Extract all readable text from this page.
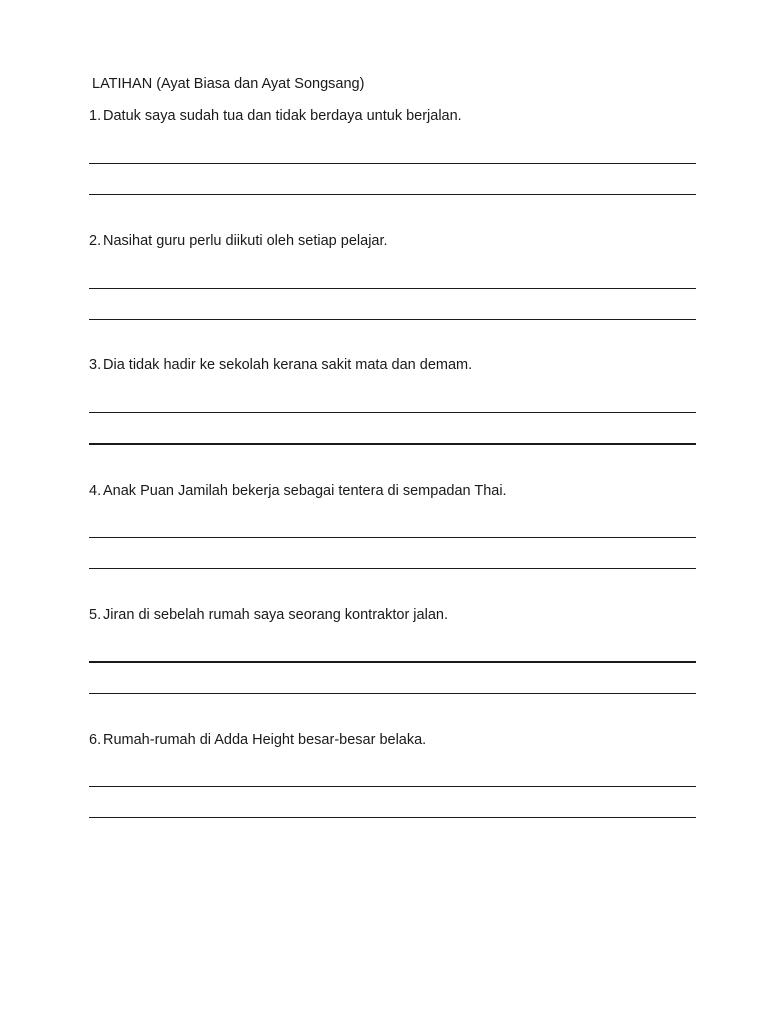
LATIHAN (Ayat Biasa dan Ayat Songsang)
1. Datuk saya sudah tua dan tidak berdaya untuk berjalan.
2. Nasihat guru perlu diikuti oleh setiap pelajar.
3. Dia tidak hadir ke sekolah kerana sakit mata dan demam.
4. Anak Puan Jamilah bekerja sebagai tentera di sempadan Thai.
5. Jiran di sebelah rumah saya seorang kontraktor jalan.
6. Rumah-rumah di Adda Height besar-besar belaka.
